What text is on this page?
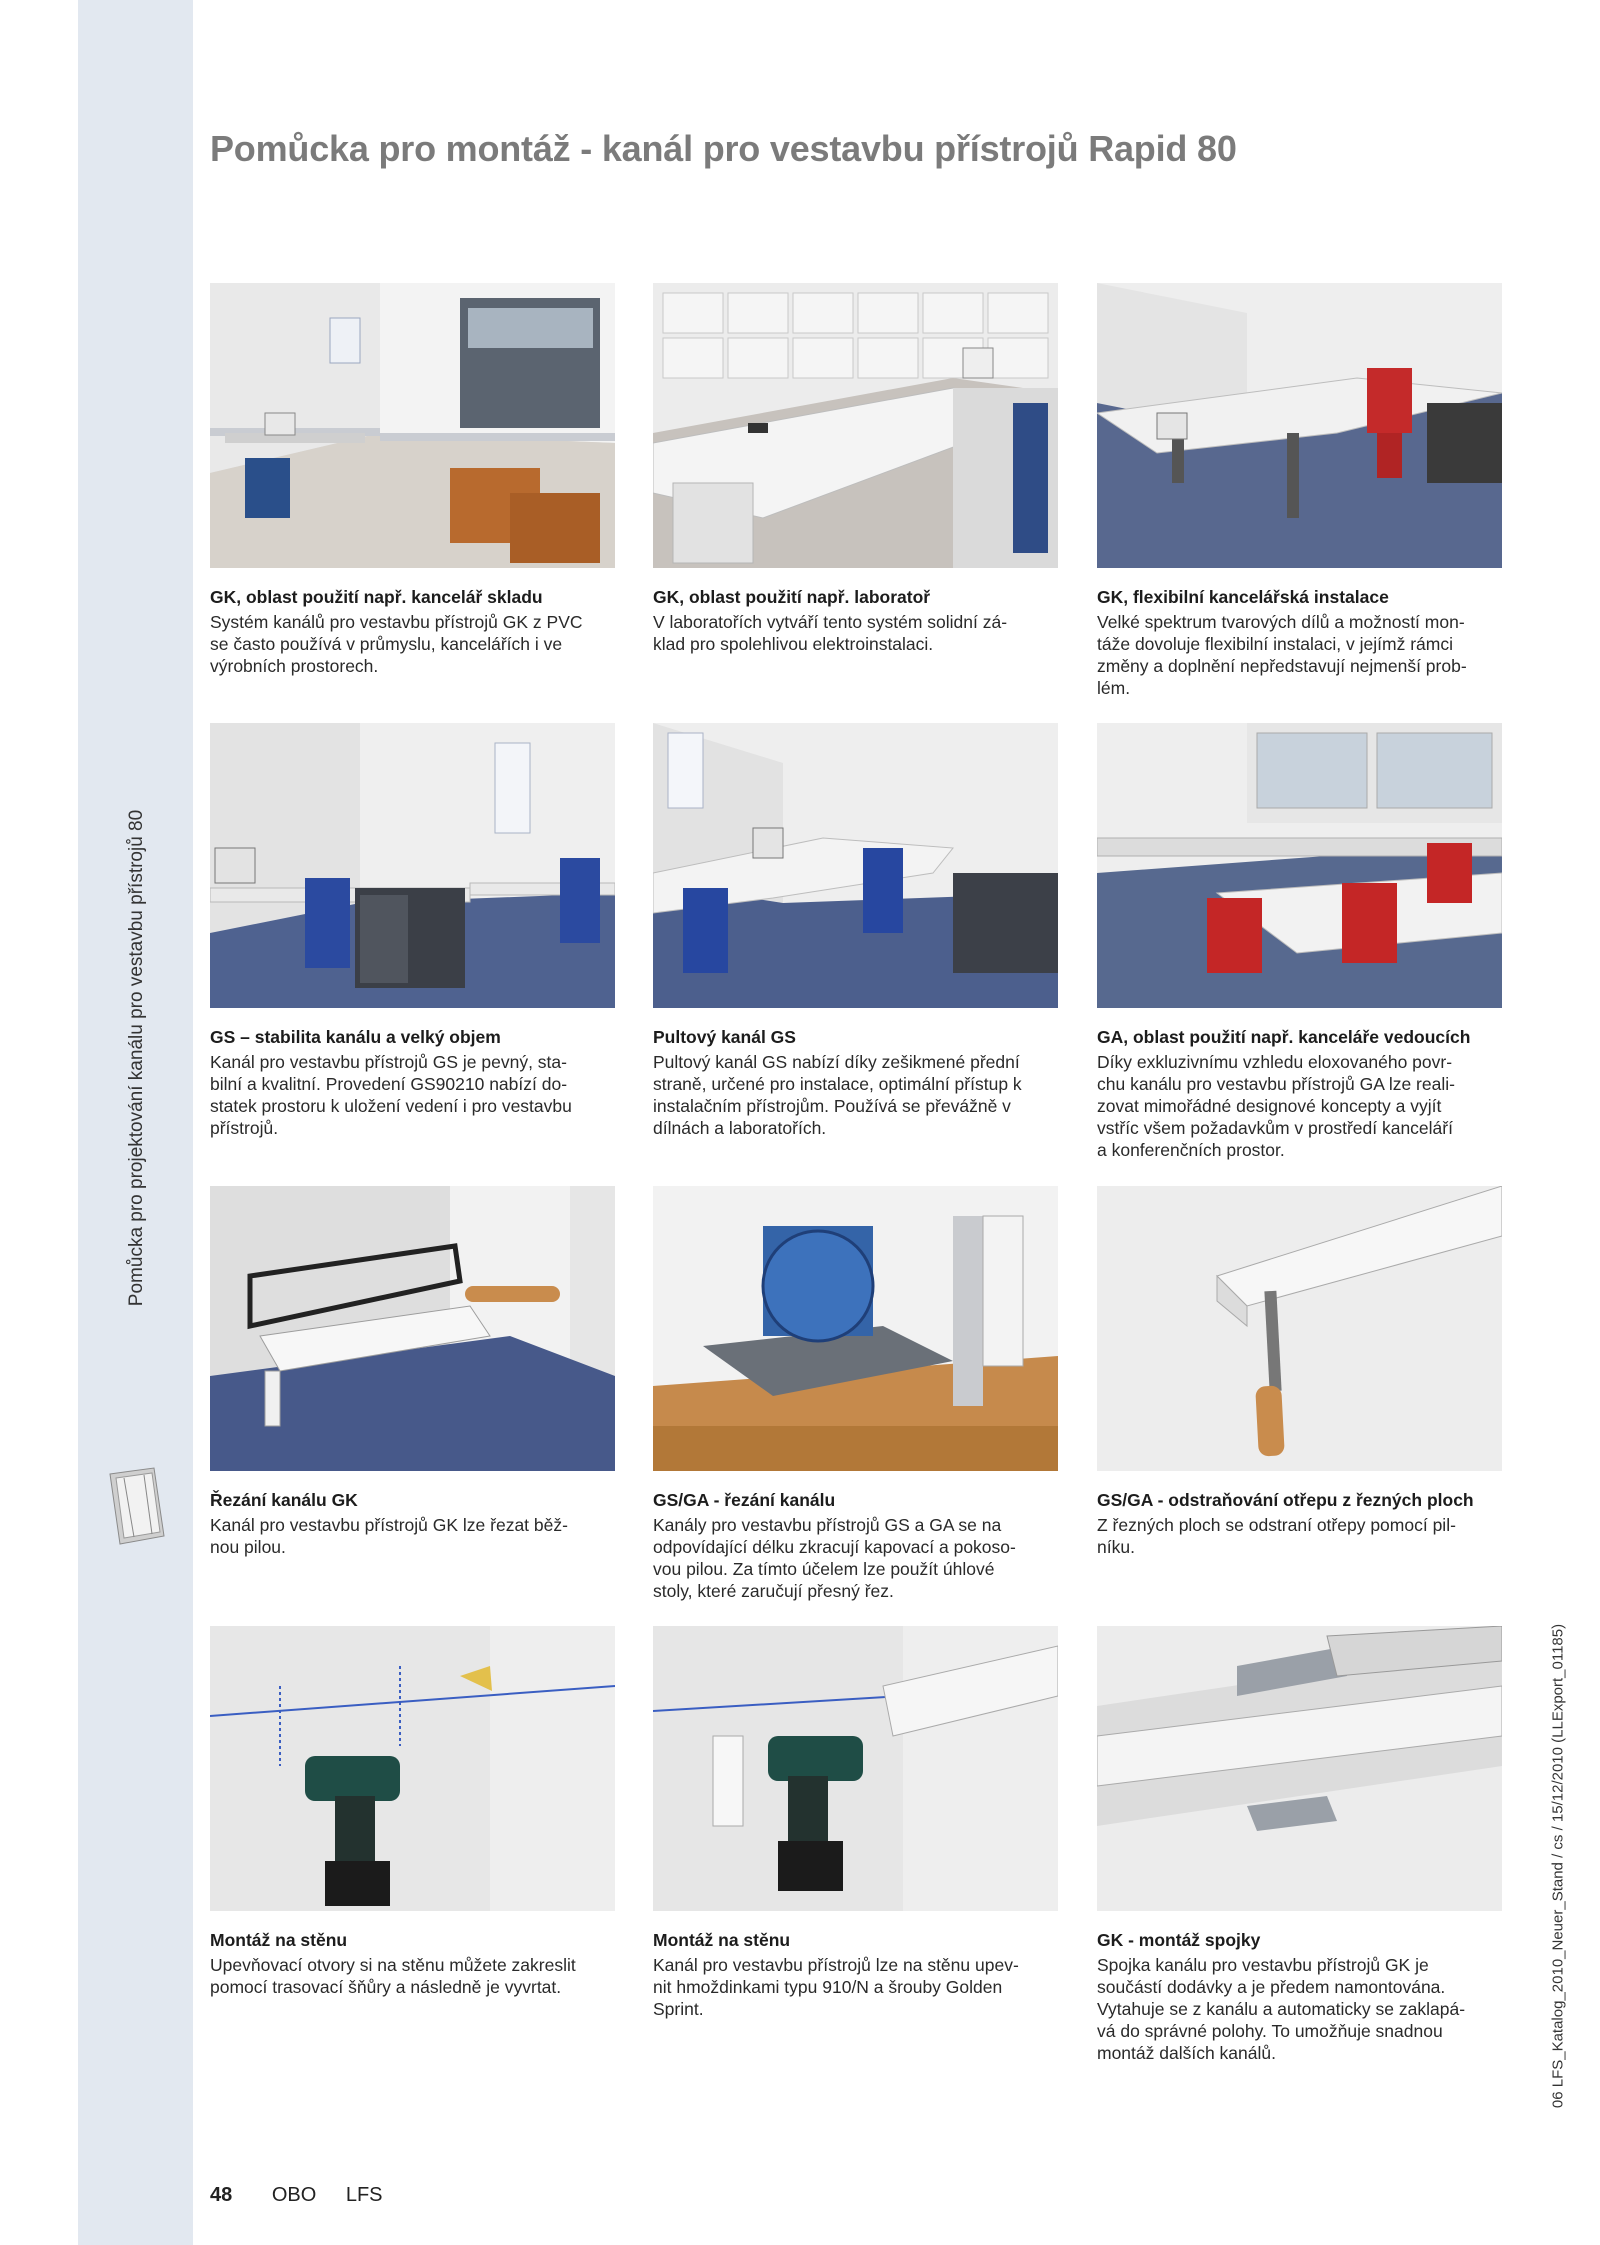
Pomůcka pro projektování kanálu pro vestavbu přístrojů 80
Pomůcka pro montáž - kanál pro vestavbu přístrojů Rapid 80

GK, oblast použití např. kancelář skladu

Systém kanálů pro vestavbu přístrojů GK z PVC
se často používá v průmyslu, kancelářích i ve
výrobních prostorech.

GK, oblast použití např. laboratoř

V laboratořích vytváří tento systém solidní zá-
klad pro spolehlivou elektroinstalaci.

GK, flexibilní kancelářská instalace

Velké spektrum tvarových dílů a možností mon-
táže dovoluje flexibilní instalaci, v jejímž rámci
změny a doplnění nepředstavují nejmenší prob-
lém.

GS – stabilita kanálu a velký objem

Kanál pro vestavbu přístrojů GS je pevný, sta-
bilní a kvalitní. Provedení GS90210 nabízí do-
statek prostoru k uložení vedení i pro vestavbu
přístrojů.

Pultový kanál GS

Pultový kanál GS nabízí díky zešikmené přední
straně, určené pro instalace, optimální přístup k
instalačním přístrojům. Používá se převážně v
dílnách a laboratořích.

GA, oblast použití např. kanceláře vedoucích

Díky exkluzivnímu vzhledu eloxovaného povr-
chu kanálu pro vestavbu přístrojů GA lze reali-
zovat mimořádné designové koncepty a vyjít
vstříc všem požadavkům v prostředí kanceláří
a konferenčních prostor.

Řezání kanálu GK

Kanál pro vestavbu přístrojů GK lze řezat běž-
nou pilou.

GS/GA - řezání kanálu

Kanály pro vestavbu přístrojů GS a GA se na
odpovídající délku zkracují kapovací a pokoso-
vou pilou. Za tímto účelem lze použít úhlové
stoly, které zaručují přesný řez.

GS/GA - odstraňování otřepu z řezných ploch

Z řezných ploch se odstraní otřepy pomocí pil-
níku.

Montáž na stěnu

Upevňovací otvory si na stěnu můžete zakreslit
pomocí trasovací šňůry a následně je vyvrtat.

Montáž na stěnu

Kanál pro vestavbu přístrojů lze na stěnu upev-
nit hmoždinkami typu 910/N a šrouby Golden
Sprint.

GK - montáž spojky

Spojka kanálu pro vestavbu přístrojů GK je
součástí dodávky a je předem namontována.
Vytahuje se z kanálu a automaticky se zaklapá-
vá do správné polohy. To umožňuje snadnou
montáž dalších kanálů.	06 LFS_Katalog_2010_Neuer_Stand / cs / 15/12/2010 (LLExport_01185)
48 OBO LFS
